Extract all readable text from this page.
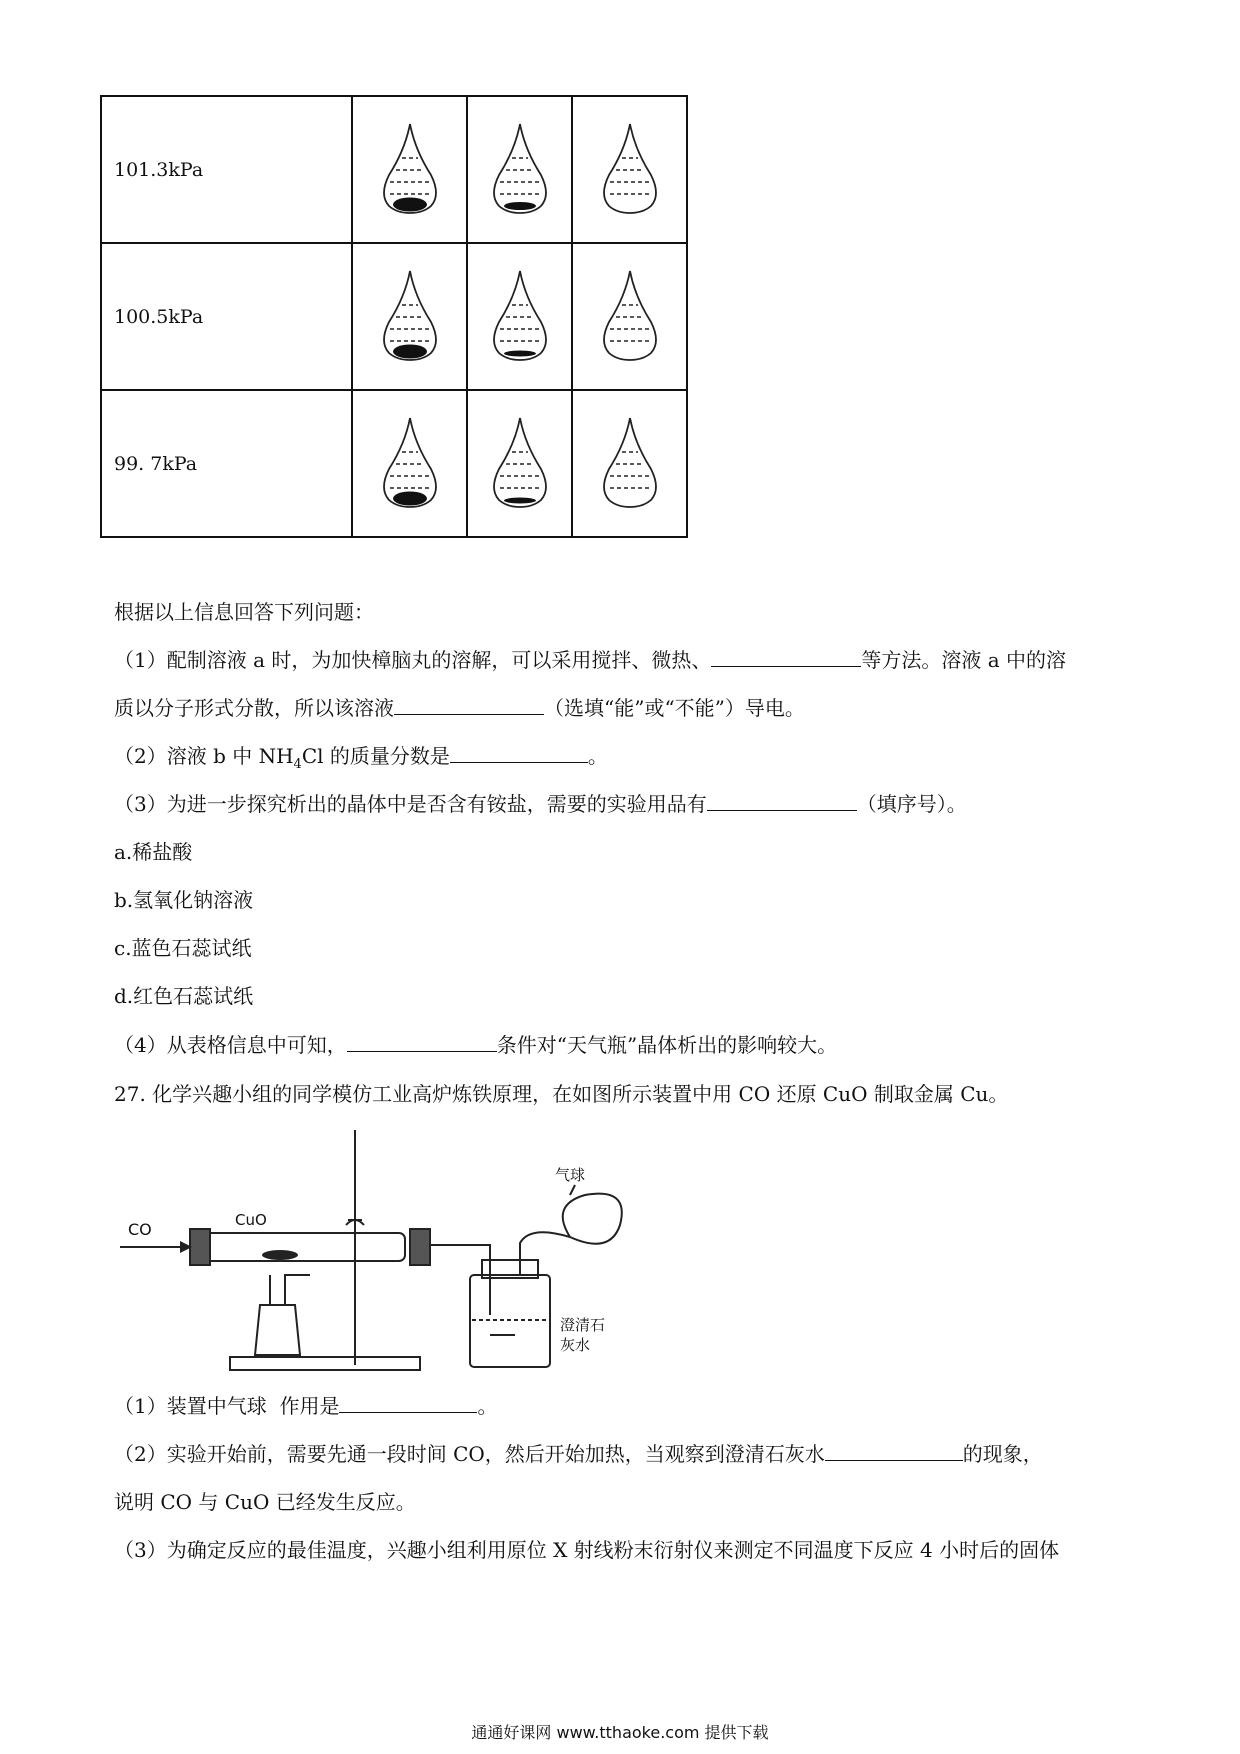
101.3kPa			
100.5kPa			
99. 7kPa			
根据以上信息回答下列问题：
（1）配制溶液 a 时，为加快樟脑丸的溶解，可以采用搅拌、微热、	等方法。溶液 a 中的溶
质以分子形式分散，所以该溶液	（选填“能”或“不能”）导电。
（2）溶液 b 中 $NH_4Cl$ 的质量分数是	。
（3）为进一步探究析出的晶体中是否含有铵盐，需要的实验用品有	（填序号）。
a.稀盐酸
b.氢氧化钠溶液
c.蓝色石蕊试纸
d.红色石蕊试纸
（4）从表格信息中可知，	条件对“天气瓶”晶体析出的影响较大。
27. 化学兴趣小组的同学模仿工业高炉炼铁原理，在如图所示装置中用 CO 还原 CuO 制取金属 Cu。
CO	CuO
气球
澄清石
灰水
（1）装置中气球 作用是	。
（2）实验开始前，需要先通一段时间 CO，然后开始加热，当观察到澄清石灰水	的现象，
说明 CO 与 CuO 已经发生反应。
（3）为确定反应的最佳温度，兴趣小组利用原位 X 射线粉末衍射仪来测定不同温度下反应 4 小时后的固体
通通好课网 www.tthaoke.com 提供下载
